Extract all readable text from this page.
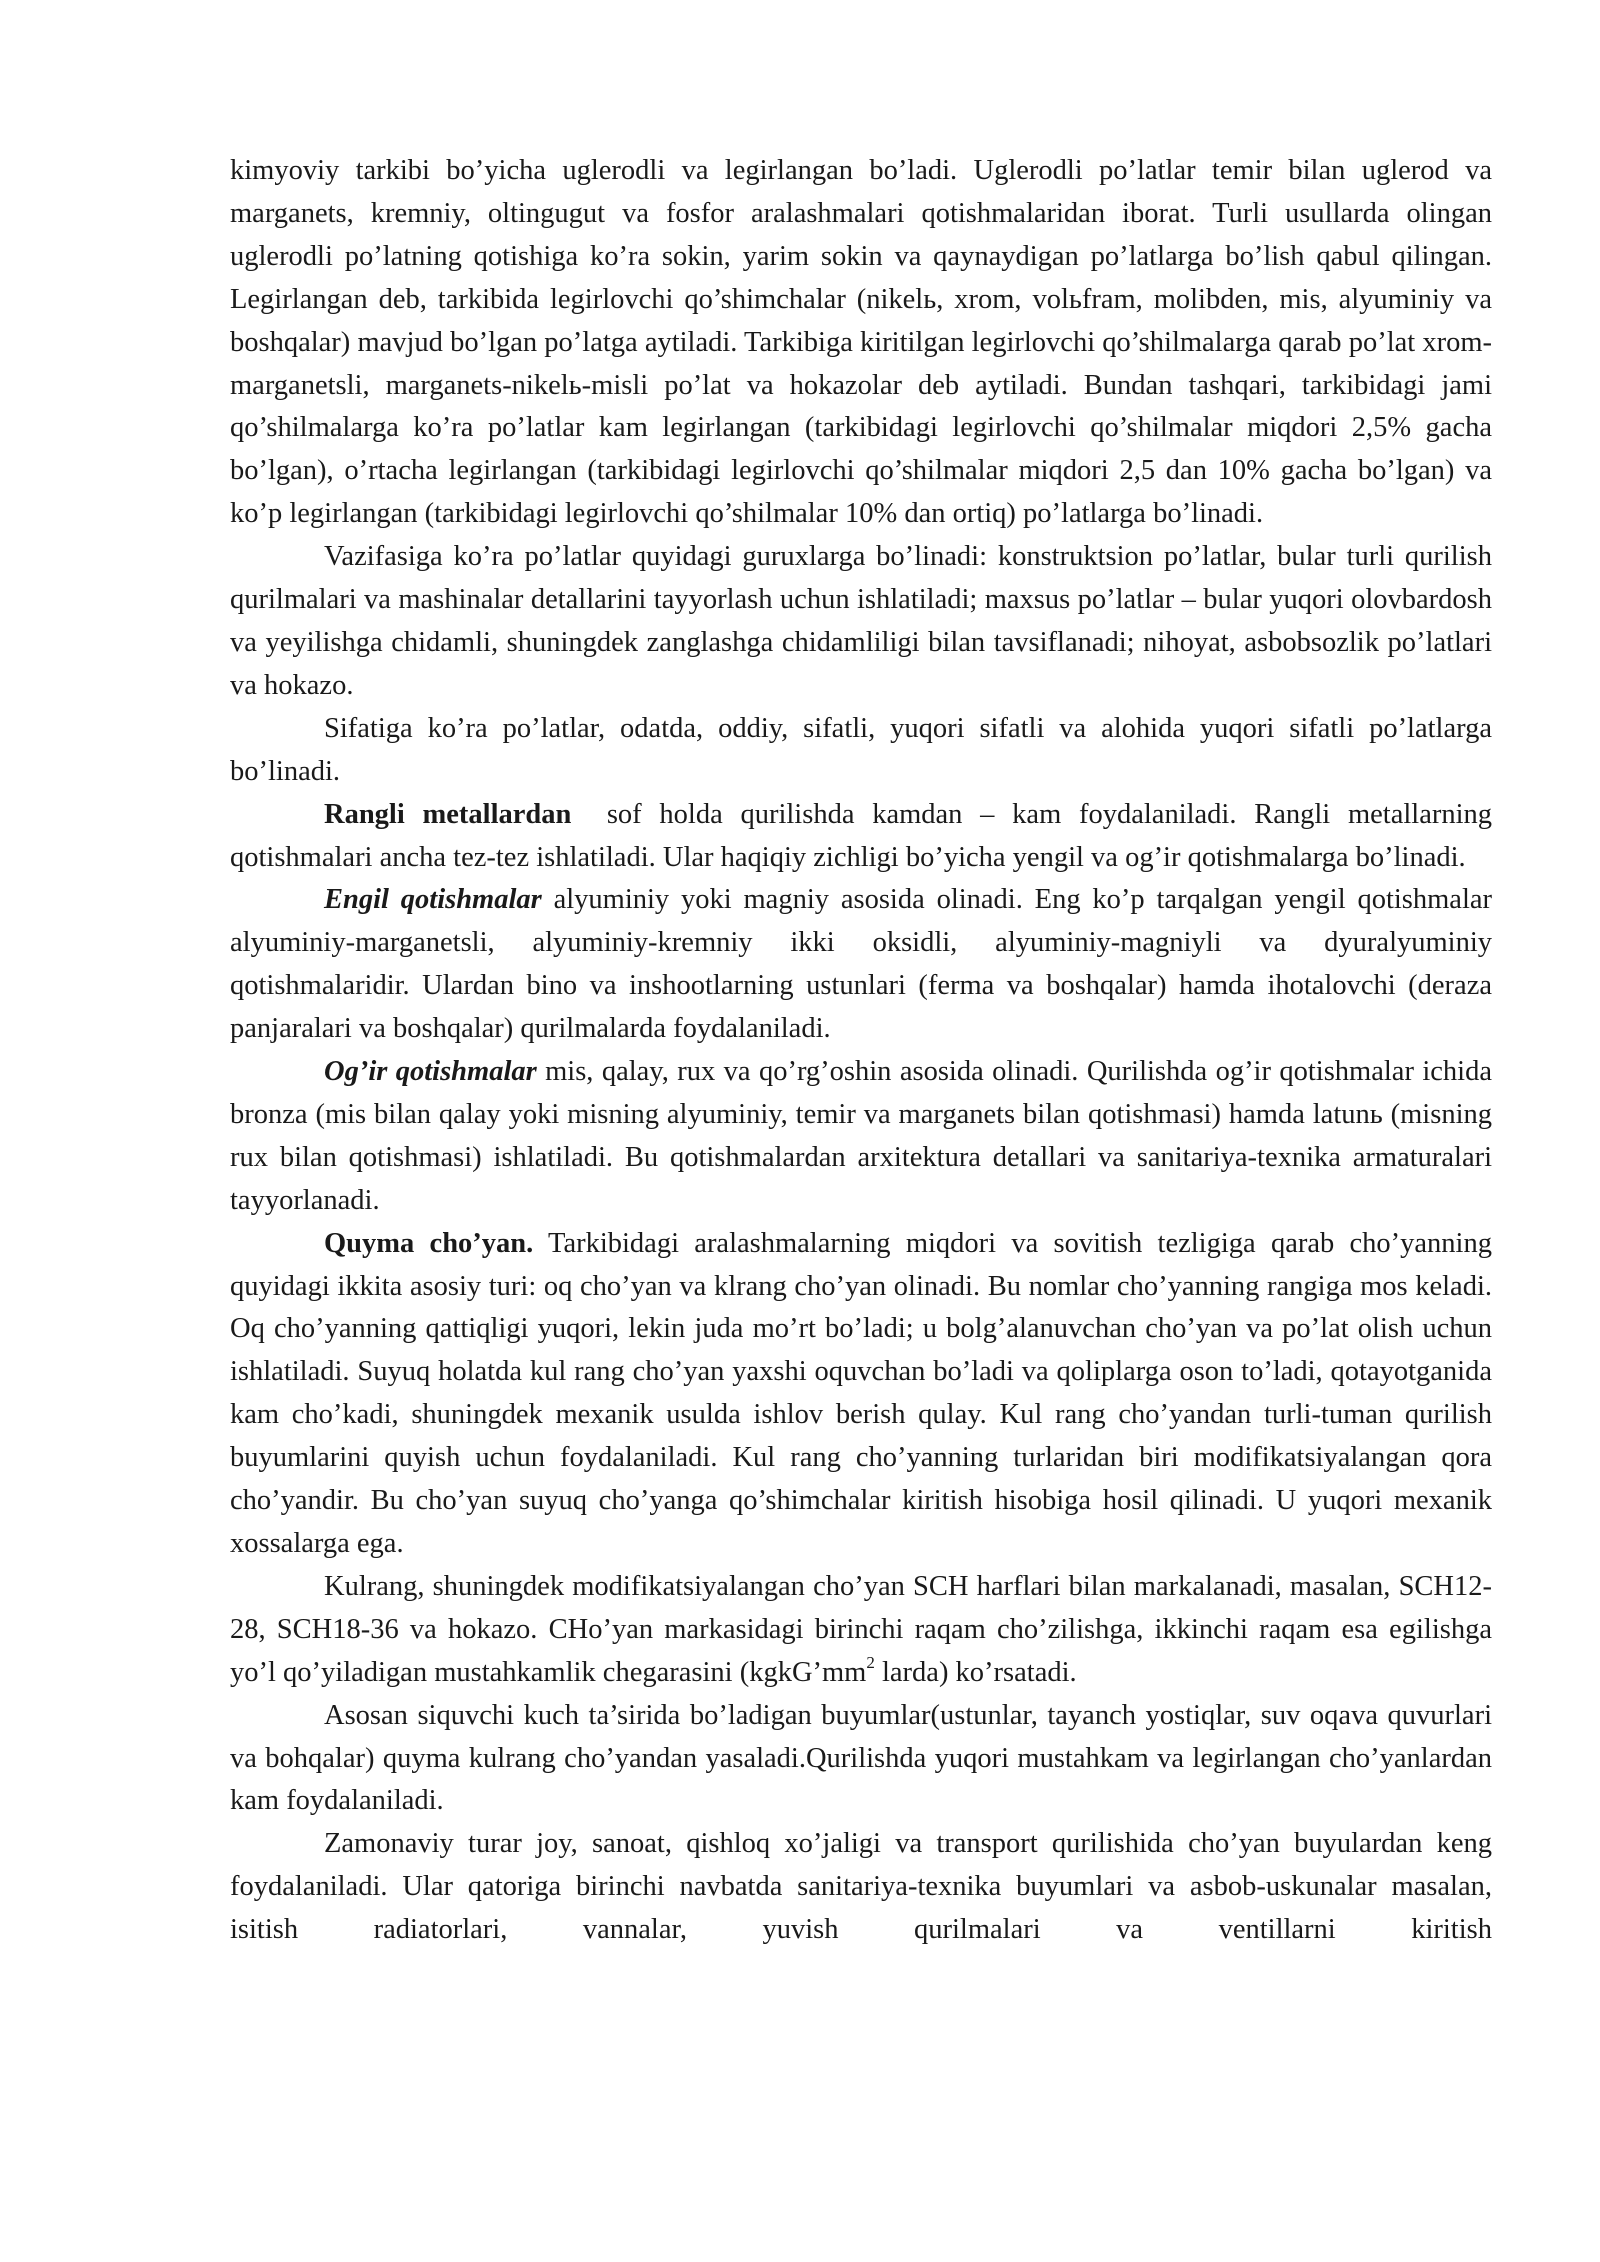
kimyoviy tarkibi bo’yicha uglerodli va legirlangan bo’ladi. Uglerodli po’latlar temir bilan uglerod va marganets, kremniy, oltingugut va fosfor aralashmalari qotishmalaridan iborat. Turli usullarda olingan uglerodli po’latning qotishiga ko’ra sokin, yarim sokin va qaynaydigan po’latlarga bo’lish qabul qilingan. Legirlangan deb, tarkibida legirlovchi qo’shimchalar (nikelь, xrom, volьfram, molibden, mis, alyuminiy va boshqalar) mavjud bo’lgan po’latga aytiladi. Tarkibiga kiritilgan legirlovchi qo’shilmalarga qarab po’lat xrom-marganetsli, marganets-nikelь-misli po’lat va hokazolar deb aytiladi. Bundan tashqari, tarkibidagi jami qo’shilmalarga ko’ra po’latlar kam legirlangan (tarkibidagi legirlovchi qo’shilmalar miqdori 2,5% gacha bo’lgan), o’rtacha legirlangan (tarkibidagi legirlovchi qo’shilmalar miqdori 2,5 dan 10% gacha bo’lgan) va ko’p legirlangan (tarkibidagi legirlovchi qo’shilmalar 10% dan ortiq) po’latlarga bo’linadi.

Vazifasiga ko’ra po’latlar quyidagi guruxlarga bo’linadi: konstruktsion po’latlar, bular turli qurilish qurilmalari va mashinalar detallarini tayyorlash uchun ishlatiladi; maxsus po’latlar – bular yuqori olovbardosh va yeyilishga chidamli, shuningdek zanglashga chidamliligi bilan tavsiflanadi; nihoyat, asbobsozlik po’latlari va hokazo.

Sifatiga ko’ra po’latlar, odatda, oddiy, sifatli, yuqori sifatli va alohida yuqori sifatli po’latlarga bo’linadi.

Rangli metallardan  sof holda qurilishda kamdan – kam foydalaniladi. Rangli metallarning qotishmalari ancha tez-tez ishlatiladi. Ular haqiqiy zichligi bo’yicha yengil va og’ir qotishmalarga bo’linadi.

Engil qotishmalar alyuminiy yoki magniy asosida olinadi. Eng ko’p tarqalgan yengil qotishmalar alyuminiy-marganetsli, alyuminiy-kremniy ikki oksidli, alyuminiy-magniyli va dyuralyuminiy qotishmalaridir. Ulardan bino va inshootlarning ustunlari (ferma va boshqalar) hamda ihotalovchi (deraza panjaralari va boshqalar) qurilmalarda foydalaniladi.

Og’ir qotishmalar mis, qalay, rux va qo’rg’oshin asosida olinadi. Qurilishda og’ir qotishmalar ichida bronza (mis bilan qalay yoki misning alyuminiy, temir va marganets bilan qotishmasi) hamda latunь (misning rux bilan qotishmasi) ishlatiladi. Bu qotishmalardan arxitektura detallari va sanitariya-texnika armaturalari tayyorlanadi.

Quyma cho’yan. Tarkibidagi aralashmalarning miqdori va sovitish tezligiga qarab cho’yanning quyidagi ikkita asosiy turi: oq cho’yan va klrang cho’yan olinadi. Bu nomlar cho’yanning rangiga mos keladi. Oq cho’yanning qattiqligi yuqori, lekin juda mo’rt bo’ladi; u bolg’alanuvchan cho’yan va po’lat olish uchun ishlatiladi. Suyuq holatda kul rang cho’yan yaxshi oquvchan bo’ladi va qoliplarga oson to’ladi, qotayotganida kam cho’kadi, shuningdek mexanik usulda ishlov berish qulay. Kul rang cho’yandan turli-tuman qurilish buyumlarini quyish uchun foydalaniladi. Kul rang cho’yanning turlaridan biri modifikatsiyalangan qora cho’yandir. Bu cho’yan suyuq cho’yanga qo’shimchalar kiritish hisobiga hosil qilinadi. U yuqori mexanik xossalarga ega.

Kulrang, shuningdek modifikatsiyalangan cho’yan SCH harflari bilan markalanadi, masalan, SCH12-28, SCH18-36 va hokazo. CHo’yan markasidagi birinchi raqam cho’zilishga, ikkinchi raqam esa egilishga yo’l qo’yiladigan mustahkamlik chegarasini ($kgkG’mm^2$ larda) ko’rsatadi.

Asosan siquvchi kuch ta’sirida bo’ladigan buyumlar(ustunlar, tayanch yostiqlar, suv oqava quvurlari va bohqalar) quyma kulrang cho’yandan yasaladi.Qurilishda yuqori mustahkam va legirlangan cho’yanlardan kam foydalaniladi.

Zamonaviy turar joy, sanoat, qishloq xo’jaligi va transport qurilishida cho’yan buyulardan keng foydalaniladi. Ular qatoriga birinchi navbatda sanitariya-texnika buyumlari va asbob-uskunalar masalan, isitish radiatorlari, vannalar, yuvish qurilmalari va ventillarni kiritish
